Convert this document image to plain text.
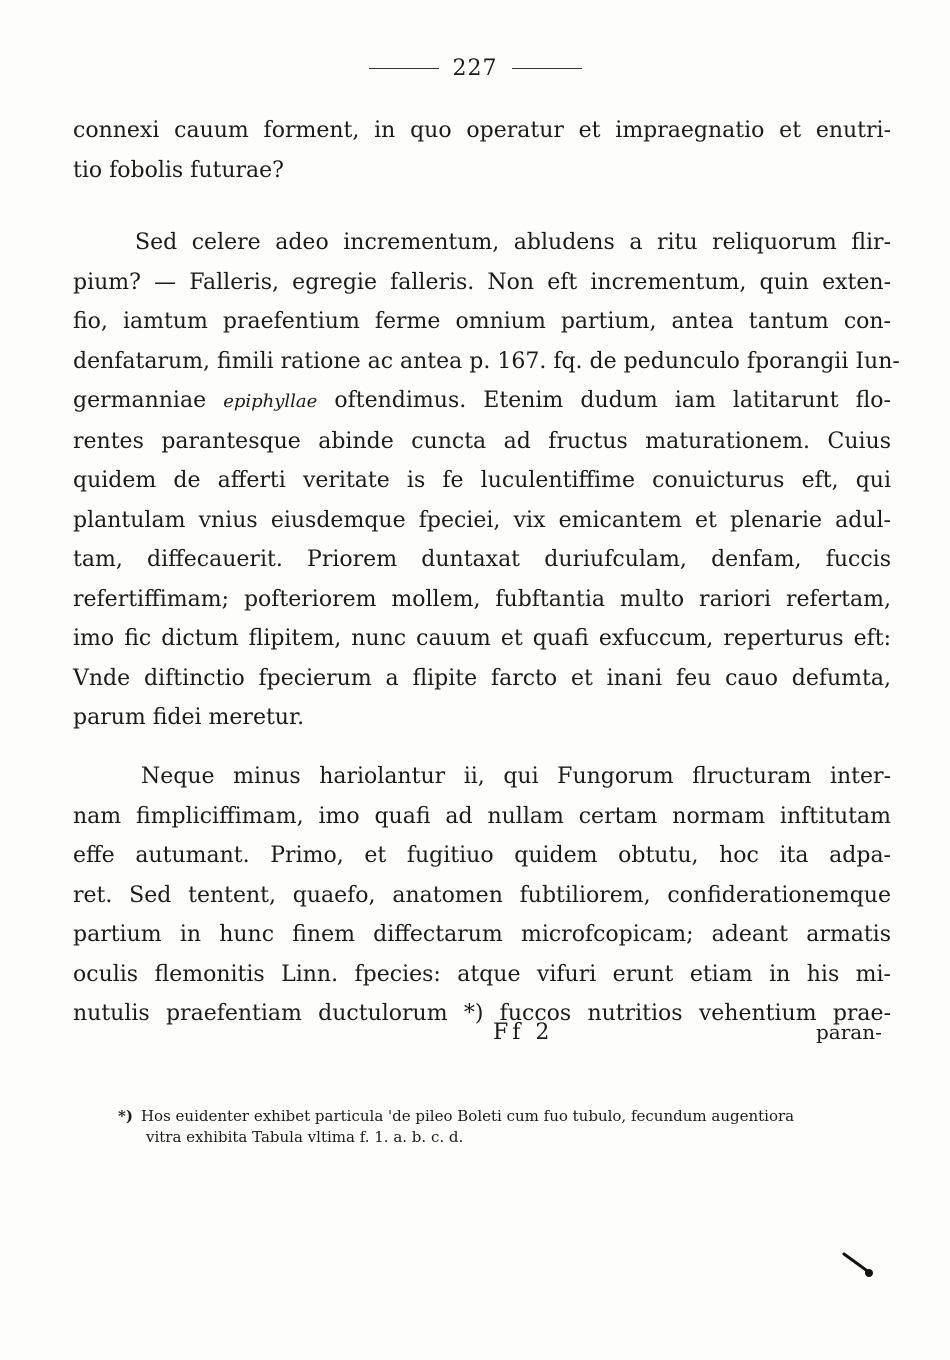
227
connexi cauum forment, in quo operatur et impraegnatio et enutri-
tio fobolis futurae?
Sed celere adeo incrementum, abludens a ritu reliquorum flir-
pium? — Falleris, egregie falleris. Non eft incrementum, quin exten-
fio, iamtum praefentium ferme omnium partium, antea tantum con-
denfatarum, fimili ratione ac antea p. 167. fq. de pedunculo fporangii Iun-
germanniae epiphyllae oftendimus. Etenim dudum iam latitarunt flo-
rentes parantesque abinde cuncta ad fructus maturationem. Cuius
quidem de afferti veritate is fe luculentiffime conuicturus eft, qui
plantulam vnius eiusdemque fpeciei, vix emicantem et plenarie adul-
tam, diffecauerit. Priorem duntaxat duriufculam, denfam, fuccis
refertiffimam; pofteriorem mollem, fubftantia multo rariori refertam,
imo fic dictum flipitem, nunc cauum et quafi exfuccum, reperturus eft:
Vnde diftinctio fpecierum a flipite farcto et inani feu cauo defumta,
parum fidei meretur.
Neque minus hariolantur ii, qui Fungorum flructuram inter-
nam fimpliciffimam, imo quafi ad nullam certam normam inftitutam
effe autumant. Primo, et fugitiuo quidem obtutu, hoc ita adpa-
ret. Sed tentent, quaefo, anatomen fubtiliorem, confiderationemque
partium in hunc finem diffectarum microfcopicam; adeant armatis
oculis flemonitis Linn. fpecies: atque vifuri erunt etiam in his mi-
nutulis praefentiam ductulorum *) fuccos nutritios vehentium prae-
Ff 2	paran-
*) Hos euidenter exhibet particula 'de pileo Boleti cum fuo tubulo, fecundum augentiora
vitra exhibita Tabula vltima f. 1. a. b. c. d.
